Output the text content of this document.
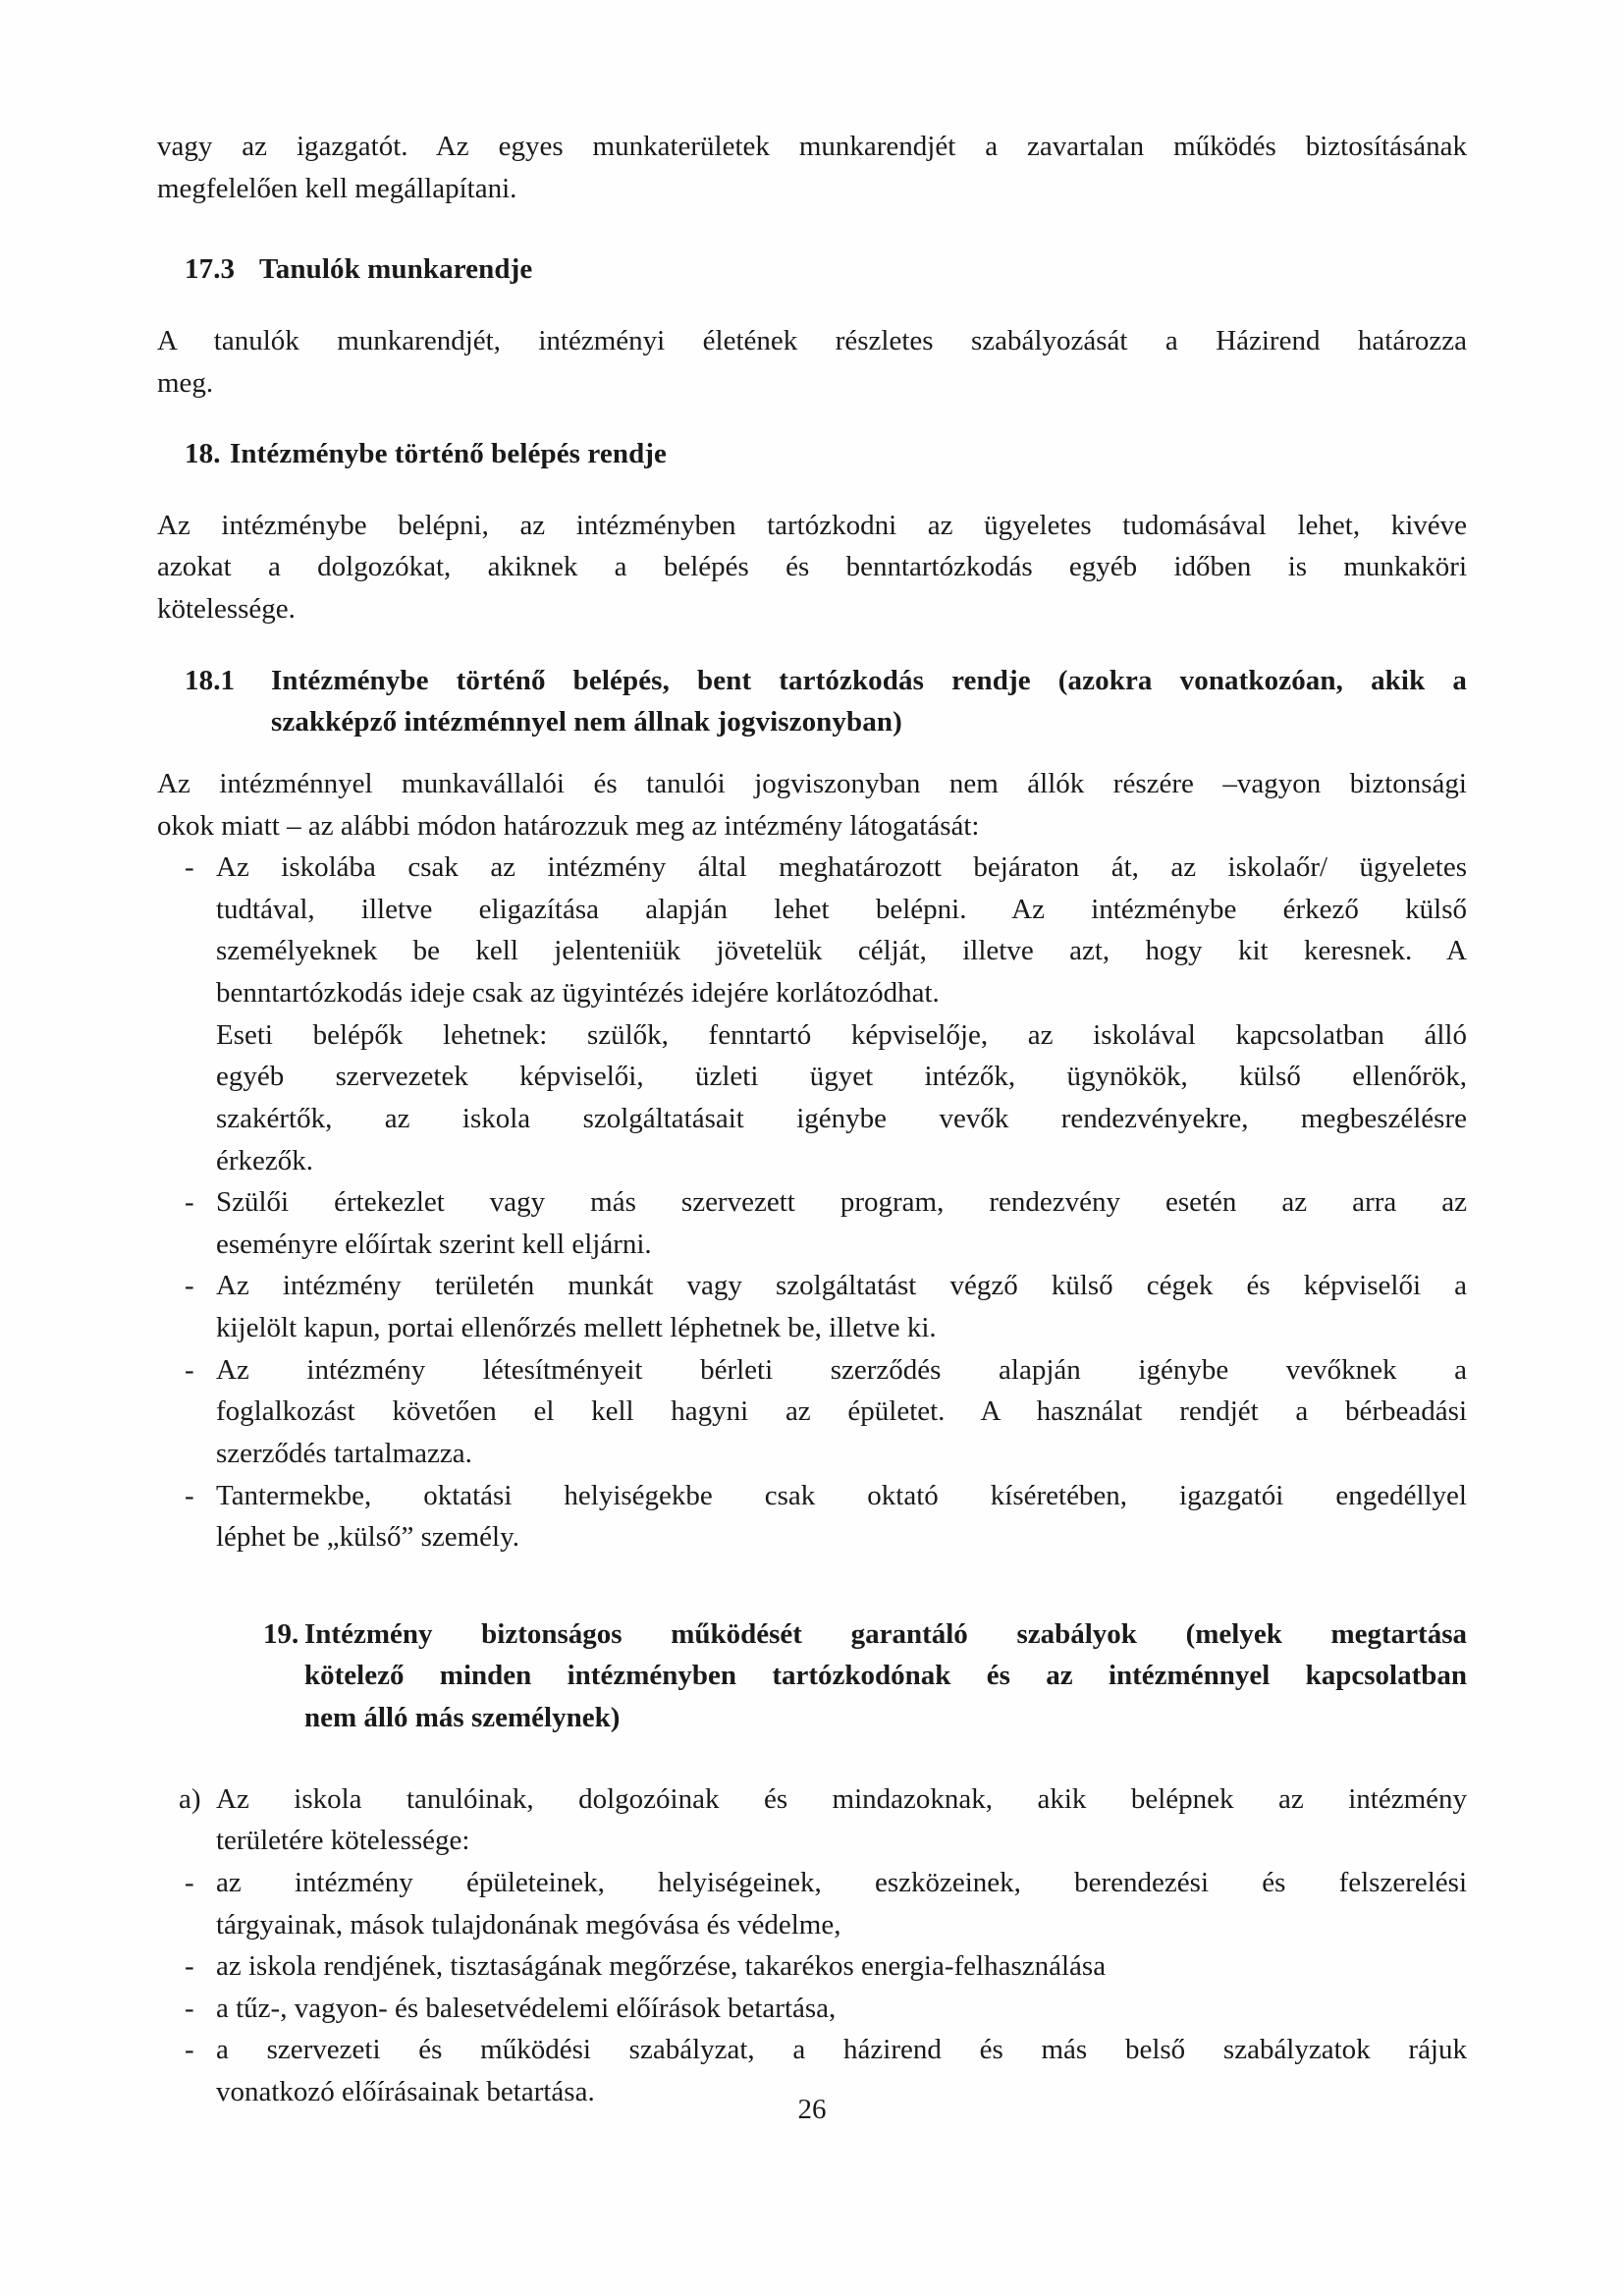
vagy az igazgatót. Az egyes munkaterületek munkarendjét a zavartalan működés biztosításának
megfelelően kell megállapítani.
17.3 Tanulók munkarendje
A tanulók munkarendjét, intézményi életének részletes szabályozását a Házirend határozza
meg.
18. Intézménybe történő belépés rendje
Az intézménybe belépni, az intézményben tartózkodni az ügyeletes tudomásával lehet, kivéve
azokat a dolgozókat, akiknek a belépés és benntartózkodás egyéb időben is munkaköri
kötelessége.
18.1	Intézménybe történő belépés, bent tartózkodás rendje (azokra vonatkozóan, akik a
szakképző intézménnyel nem állnak jogviszonyban)
Az intézménnyel munkavállalói és tanulói jogviszonyban nem állók részére –vagyon biztonsági
okok miatt – az alábbi módon határozzuk meg az intézmény látogatását:
- Az iskolába csak az intézmény által meghatározott bejáraton át, az iskolaőr/ ügyeletes
tudtával, illetve eligazítása alapján lehet belépni. Az intézménybe érkező külső
személyeknek be kell jelenteniük jövetelük célját, illetve azt, hogy kit keresnek. A
benntartózkodás ideje csak az ügyintézés idejére korlátozódhat.
Eseti belépők lehetnek: szülők, fenntartó képviselője, az iskolával kapcsolatban álló
egyéb szervezetek képviselői, üzleti ügyet intézők, ügynökök, külső ellenőrök,
szakértők, az iskola szolgáltatásait igénybe vevők rendezvényekre, megbeszélésre
érkezők.
- Szülői értekezlet vagy más szervezett program, rendezvény esetén az arra az
eseményre előírtak szerint kell eljárni.
- Az intézmény területén munkát vagy szolgáltatást végző külső cégek és képviselői a
kijelölt kapun, portai ellenőrzés mellett léphetnek be, illetve ki.
- Az intézmény létesítményeit bérleti szerződés alapján igénybe vevőknek a
foglalkozást követően el kell hagyni az épületet. A használat rendjét a bérbeadási
szerződés tartalmazza.
- Tantermekbe, oktatási helyiségekbe csak oktató kíséretében, igazgatói engedéllyel
léphet be „külső” személy.
19. Intézmény biztonságos működését garantáló szabályok (melyek megtartása
kötelező minden intézményben tartózkodónak és az intézménnyel kapcsolatban
nem álló más személynek)
a) Az iskola tanulóinak, dolgozóinak és mindazoknak, akik belépnek az intézmény
területére kötelessége:
- az intézmény épületeinek, helyiségeinek, eszközeinek, berendezési és felszerelési
tárgyainak, mások tulajdonának megóvása és védelme,
- az iskola rendjének, tisztaságának megőrzése, takarékos energia-felhasználása
- a tűz-, vagyon- és balesetvédelemi előírások betartása,
- a szervezeti és működési szabályzat, a házirend és más belső szabályzatok rájuk
vonatkozó előírásainak betartása.
26
